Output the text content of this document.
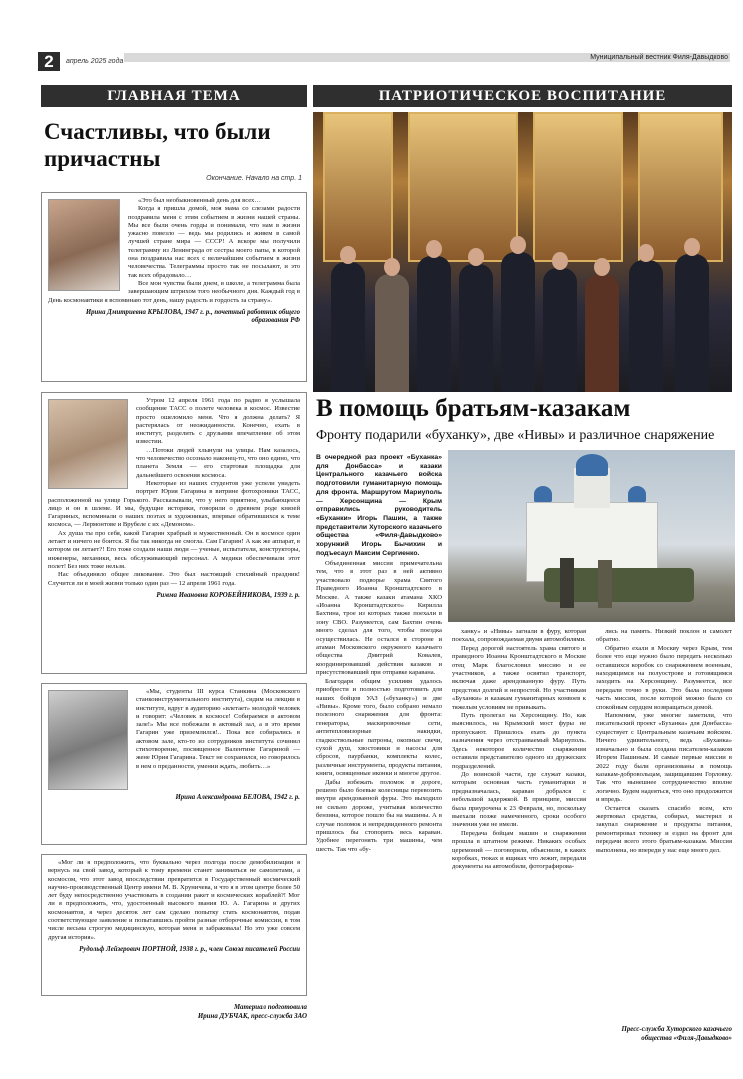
2	апрель 2025 года
Муниципальный вестник Филя-Давыдково
ГЛАВНАЯ ТЕМА	ПАТРИОТИЧЕСКОЕ ВОСПИТАНИЕ
Счастливы, что были причастны
Окончание. Начало на стр. 1

«Это был необыкновенный день для всех…

Когда я пришла домой, моя мама со слезами радости поздравила меня с этим событием в жизни нашей страны. Мы все были очень горды и понимали, что нам в жизни ужасно повезло — ведь мы родились и живем в самой лучшей стране мира — СССР! А вскоре мы получили телеграмму из Ленинграда от сестры моего папы, в которой она поздравила нас всех с величайшим событием в жизни человечества. Телеграммы просто так не посылают, и это так всех обрадовало…

Все мои чувства были днем, в школе, а телеграмма была завершающим штрихом того необычного дня. Каждый год в День космонавтики я вспоминаю тот день, нашу радость и гордость за страну».

Ирина Дмитриевна КРЫЛОВА, 1947 г. р., почетный работник общего образования РФ

Утром 12 апреля 1961 года по радио я услышала сообщение ТАСС о полете человека в космос. Известие просто ошеломило меня. Что я должна делать? Я растерялась от неожиданности. Конечно, ехать в институт, разделить с друзьями впечатление об этом известии.

…Потоки людей хлынули на улицы. Нам казалось, что человечество осознало наконец-то, что оно едино, что планета Земля — его стартовая площадка для дальнейшего освоения космоса.

Некоторые из наших студентов уже успели увидеть портрет Юрия Гагарина в витрине фотохроники ТАСС, расположенной на улице Горького. Рассказывали, что у него приятное, улыбающееся лицо и он в шлеме. И мы, будущие историки, говорили о древнем роде князей Гагариных, вспоминали о наших поэтах и художниках, впервые обратившихся к теме космоса, — Лермонтове и Врубеле с их «Демоном».

Ах душа ты про себя, какой Гагарин храбрый и мужественный. Он в космосе один летает и ничего не боится. Я бы так никогда не смогла. Сам Гагарин! А как же аппарат, в котором он летает?! Его тоже создали наши люди — ученые, испытатели, конструкторы, инженеры, механики, весь обслуживающий персонал. А медики обеспечивали этот полет! Без них тоже нельзя.

Нас объединяло общее ликование. Это был настоящий стихийный праздник! Случится ли в моей жизни только один раз — 12 апреля 1961 года.

Римма Ивановна КОРОБЕЙНИКОВА, 1939 г. р.

«Мы, студенты III курса Станкина (Московского станкоинструментального института), сидим на лекции в институте, вдруг в аудиторию «влетает» молодой человек и говорит: «Человек в космосе! Собираемся в актовом зале!» Мы все побежали в актовый зал, а в это время Гагарин уже приземлился!.. Пока все собирались в актовом зале, кто-то из сотрудников института сочинил стихотворение, посвященное Валентине Гагариной — жене Юрия Гагарина. Текст не сохранился, но говорилось в нем о преданности, умении ждать, любить…»

Ирина Александровна БЕЛОВА, 1942 г. р.

«Мог ли я предположить, что буквально через полгода после демобилизации я вернусь на свой завод, который к тому времени станет заниматься не самолетами, а космосом, что этот завод впоследствии превратится в Государственный космический научно-производственный Центр имени М. В. Хруничева, и что я в этом центре более 50 лет буду непосредственно участвовать в создании ракет и космических кораблей?! Мог ли я предположить, что, удостоенный высокого звания Ю. А. Гагарина и других космонавтов, я через десяток лет сам сделаю попытку стать космонавтом, подав соответствующее заявление и попытавшись пройти разные отборочные комиссии, в том числе весьма строгую медицинскую, которая меня и забраковала! Но это уже совсем другая история».

Рудольф Лейзерович ПОРТНОЙ, 1938 г. р., член Союза писателей России
Материал подготовила
Ирина ДУБЧАК, пресс-служба ЗАО
В помощь братьям-казакам
Фронту подарили «буханку», две «Нивы» и различное снаряжение
В очередной раз проект «Буханка» для Донбасса» и казаки Центрального казачьего войска подготовили гуманитарную помощь для фронта. Маршрутом Мариуполь — Херсонщина — Крым отправились руководитель «Буханки» Игорь Пашин, а также представители Хуторского казачьего общества «Филя-Давыдково» хорунжий Игорь Бычихин и подъесаул Максим Сергиенко.

Объединенная миссия примечательна тем, что в этот раз в ней активно участвовало подворье храма Святого Праведного Иоанна Кронштадтского в Москве. А также казаки атамана ХКО «Иоанна Кронштадтского» Кирилла Бахтина, трое из которых также поехали в зону СВО. Разумеется, сам Бахтин очень много сделал для того, чтобы поездка осуществилась. Не остался в стороне и атаман Московского окружного казачьего общества Дмитрий Ковалев, координировавший действия казаков и присутствовавший при отправке каравана.

Благодаря общим усилиям удалось приобрести и полностью подготовить для наших бойцов УАЗ («буханку») и две «Нивы». Кроме того, было собрано немало полезного снаряжения для фронта: генераторы, маскировочные сети, антитепловизорные накидки, гладкоствольные патроны, окопные свечи, сухой душ, хвостовики и насосы для сбросов, паурбанки, комплекты колес, различные инструменты, продукты питания, книги, освященные иконки и многое другое.

Дабы избежать поломок в дороге, решено было боевые колесницы перевозить внутри арендованной фуры. Это выходило не сильно дороже, учитывая количество бензина, которое пошло бы на машины. А в случае поломок и непредвиденного ремонта пришлось бы стопорить весь караван. Удобнее перегонять три машины, чем шесть. Так что «бу-

ханку» и «Нивы» загнали в фуру, которая поехала, сопровождаемая двумя автомобилями.

Перед дорогой настоятель храма святого и праведного Иоанна Кронштадтского в Москве отец Марк благословил миссию и ее участников, а также освятил транспорт, включая даже арендованную фуру. Путь предстоял долгий и непростой. Но участникам «Буханки» и казакам гуманитарных конвоев к тяжелым условиям не привыкать.

Путь пролегал на Херсонщину. Но, как выяснилось, на Крымский мост фуры не пропускают. Пришлось ехать до пункта назначения через отстраиваемый Мариуполь. Здесь некоторое количество снаряжения оставили представителю одного из дружеских подразделений.

До воинской части, где служат казаки, которым основная часть гуманитарки и предназначалась, караван добрался с небольшой задержкой. В принципе, миссия была приурочена к 23 Февраля, но, поскольку выехали позже намеченного, сроки особого значения уже не имели.

Передача бойцам машин и снаряжения прошла в штатном режиме. Никаких особых церемоний — поговорили, объяснили, в каких коробках, тюках и ящиках что лежит, передали документы на автомобили, фотографирова-

лись на память. Низкий поклон и самолет обратно.

Обратно ехали в Москву через Крым, тем более что еще нужно было передать несколько оставшихся коробок со снаряжением военным, находящимся на полуострове и готовящимся заходить на Херсонщину. Разумеется, все передали точно в руки. Это была последняя часть миссии, после которой можно было со спокойным сердцем возвращаться домой.

Напомним, уже многие заметили, что писательский проект «Буханка» для Донбасса» существует с Центральным казачьим войском. Ничего удивительного, ведь «Буханка» изначально и была создана писателем-казаком Игорем Пашиным. И самые первые миссии в 2022 году были организованы в помощь казакам-добровольцам, защищавшим Горловку. Так что нынешнее сотрудничество вполне логично. Будем надеяться, что оно продолжится и впредь.

Остается сказать спасибо всем, кто жертвовал средства, собирал, мастерил и закупал снаряжение и продукты питания, ремонтировал технику и ездил на фронт для передачи всего этого братьям-казакам. Миссия выполнена, но впереди у нас еще много дел.

Пресс-служба Хуторского казачьего общества «Филя-Давыдково»
